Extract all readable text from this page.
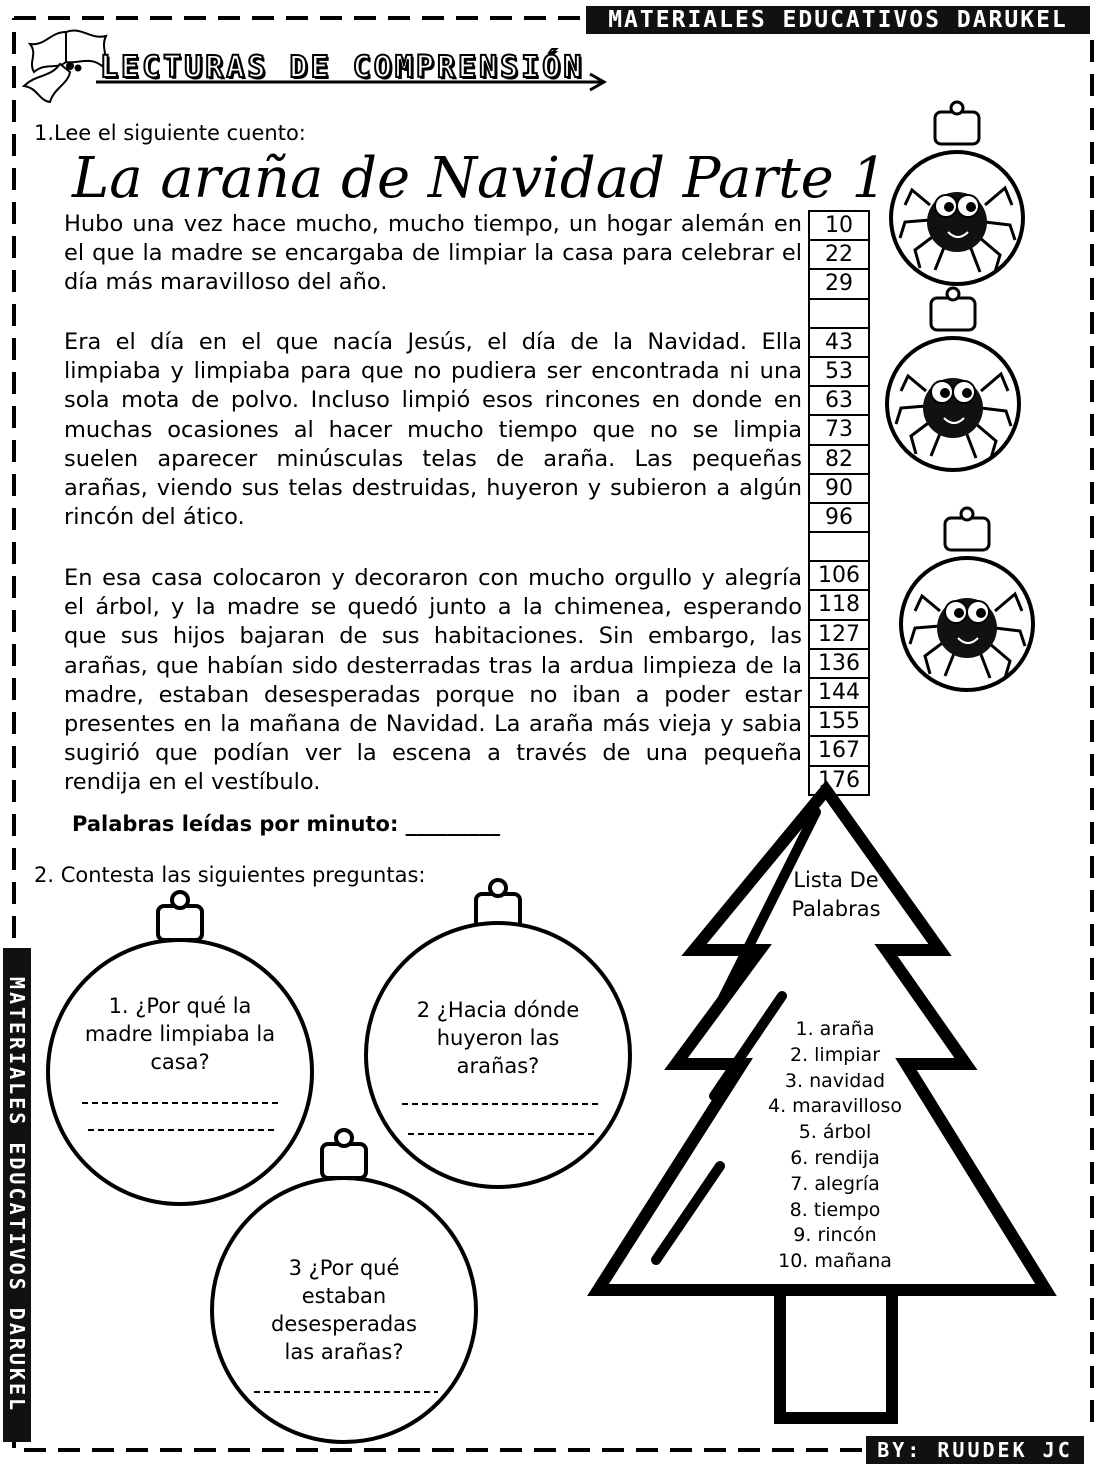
MATERIALES EDUCATIVOS DARUKEL
MATERIALES EDUCATIVOS DARUKEL
BY: RUUDEK JC
LECTURAS DE COMPRENSIÓN
1.Lee el siguiente cuento:
La araña de Navidad Parte 1
Hubo una vez hace mucho, mucho tiempo, un hogar alemán en el que la madre se encargaba de limpiar la casa para celebrar el día más maravilloso del año.
Era el día en el que nacía Jesús, el día de la Navidad. Ella limpiaba y limpiaba para que no pudiera ser encontrada ni una sola mota de polvo. Incluso limpió esos rincones en donde en muchas ocasiones al hacer mucho tiempo que no se limpia suelen aparecer minúsculas telas de araña. Las pequeñas arañas, viendo sus telas destruidas, huyeron y subieron a algún rincón del ático.
En esa casa colocaron y decoraron con mucho orgullo y alegría el árbol, y la madre se quedó junto a la chimenea, esperando que sus hijos bajaran de sus habitaciones. Sin embargo, las arañas, que habían sido desterradas tras la ardua limpieza de la madre, estaban desesperadas porque no iban a poder estar presentes en la mañana de Navidad. La araña más vieja y sabia sugirió que podían ver la escena a través de una pequeña rendija en el vestíbulo.
10
22
29
43
53
63
73
82
90
96
106
118
127
136
144
155
167
176
Palabras leídas por minuto: _________
2. Contesta las siguientes preguntas:
1. ¿Por qué la madre limpiaba la casa?
2 ¿Hacia dónde huyeron las arañas?
3 ¿Por qué estaban desesperadas las arañas?
Lista De Palabras
1. araña
2. limpiar
3. navidad
4. maravilloso
5. árbol
6. rendija
7. alegría
8. tiempo
9. rincón
10. mañana
